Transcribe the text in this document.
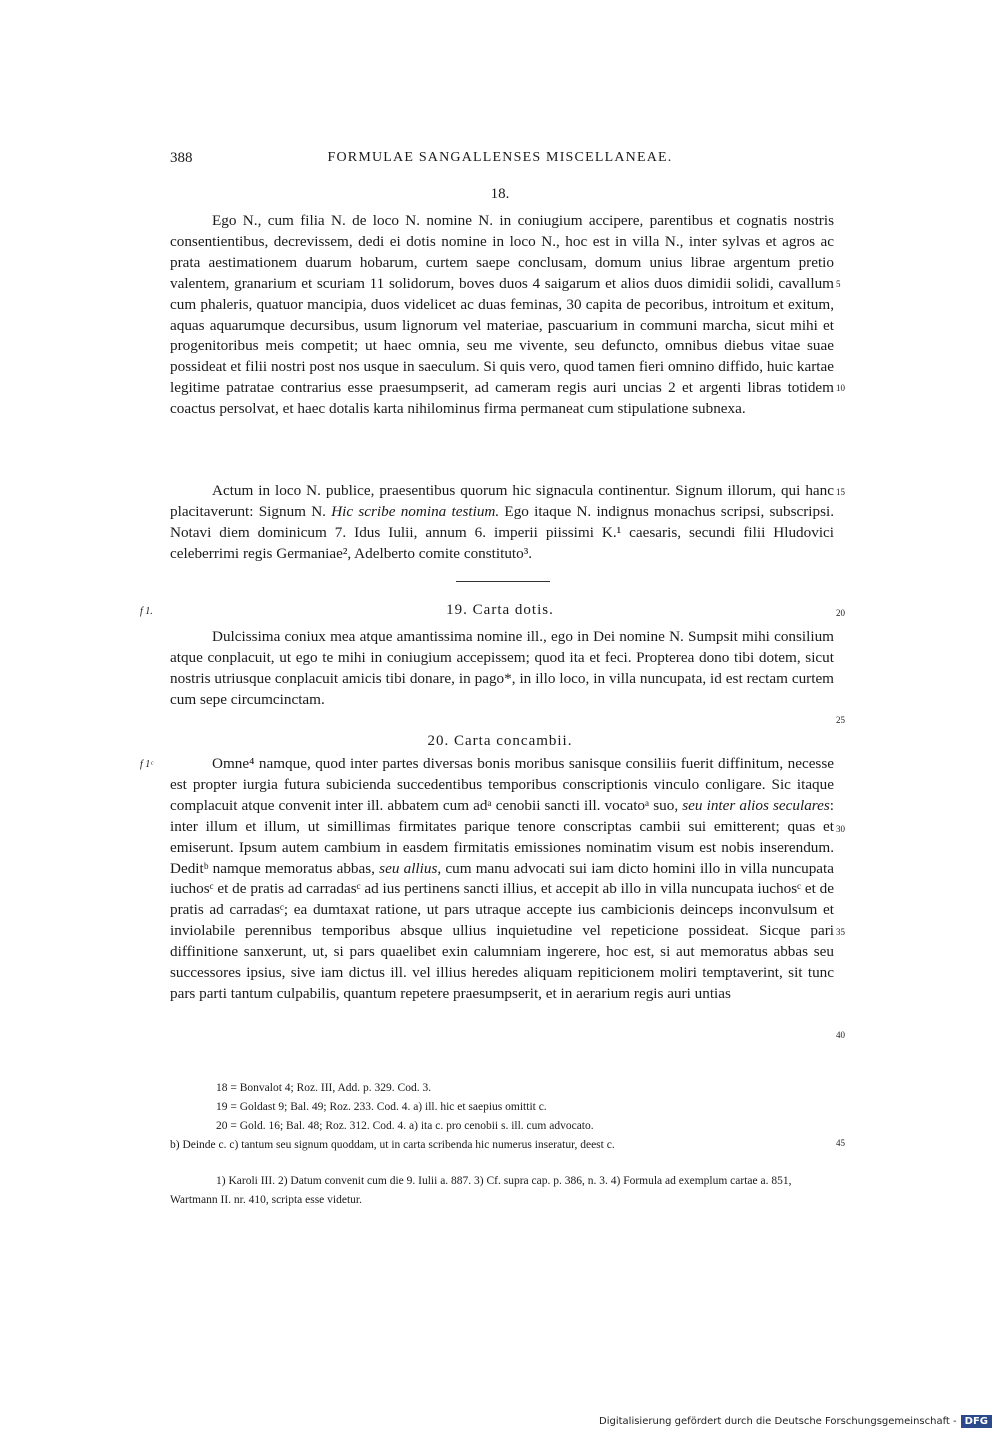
388	FORMULAE SANGALLENSES MISCELLANEAE.
18.

Ego N., cum filia N. de loco N. nomine N. in coniugium accipere, parentibus et cognatis nostris consentientibus, decrevissem, dedi ei dotis nomine in loco N., hoc est in villa N., inter sylvas et agros ac prata aestimationem duarum hobarum, curtem saepe conclusam, domum unius librae argentum pretio valentem, granarium et scuriam 11 solidorum, boves duos 4 saigarum et alios duos dimidii solidi, cavallum cum phaleris, quatuor mancipia, duos videlicet ac duas feminas, 30 capita de pecoribus, introitum et exitum, aquas aquarumque decursibus, usum lignorum vel materiae, pascuarium in communi marcha, sicut mihi et progenitoribus meis competit; ut haec omnia, seu me vivente, seu defuncto, omnibus diebus vitae suae possideat et filii nostri post nos usque in saeculum. Si quis vero, quod tamen fieri omnino diffido, huic kartae legitime patratae contrarius esse praesumpserit, ad cameram regis auri uncias 2 et argenti libras totidem coactus persolvat, et haec dotalis karta nihilominus firma permaneat cum stipulatione subnexa.

Actum in loco N. publice, praesentibus quorum hic signacula continentur. Signum illorum, qui hanc placitaverunt: Signum N. Hic scribe nomina testium. Ego itaque N. indignus monachus scripsi, subscripsi. Notavi diem dominicum 7. Idus Iulii, annum 6. imperii piissimi K.¹ caesaris, secundi filii Hludovici celeberrimi regis Germaniae², Adelberto comite constituto³.

f 1.	19. Carta dotis.

Dulcissima coniux mea atque amantissima nomine ill., ego in Dei nomine N. Sumpsit mihi consilium atque conplacuit, ut ego te mihi in coniugium accepissem; quod ita et feci. Propterea dono tibi dotem, sicut nostris utriusque conplacuit amicis tibi donare, in pago*, in illo loco, in villa nuncupata, id est rectam curtem cum sepe circumcinctam.

f 1ᶜ
20. Carta concambii.

Omne⁴ namque, quod inter partes diversas bonis moribus sanisque consiliis fuerit diffinitum, necesse est propter iurgia futura subicienda succedentibus temporibus conscriptionis vinculo conligare. Sic itaque complacuit atque convenit inter ill. abbatem cum adᵃ cenobii sancti ill. vocatoᵃ suo, seu inter alios seculares: inter illum et illum, ut simillimas firmitates parique tenore conscriptas cambii sui emitterent; quas et emiserunt. Ipsum autem cambium in easdem firmitatis emissiones nominatim visum est nobis inserendum. Deditᵇ namque memoratus abbas, seu allius, cum manu advocati sui iam dicto homini illo in villa nuncupata iuchosᶜ et de pratis ad carradasᶜ ad ius pertinens sancti illius, et accepit ab illo in villa nuncupata iuchosᶜ et de pratis ad carradasᶜ; ea dumtaxat ratione, ut pars utraque accepte ius cambicionis deinceps inconvulsum et inviolabile perennibus temporibus absque ullius inquietudine vel repeticione possideat. Sicque pari diffinitione sanxerunt, ut, si pars quaelibet exin calumniam ingerere, hoc est, si aut memoratus abbas seu successores ipsius, sive iam dictus ill. vel illius heredes aliquam repiticionem moliri temptaverint, sit tunc pars parti tantum culpabilis, quantum repetere praesumpserit, et in aerarium regis auri untias

5
10
15
20
25
30
35
40
45

18 = Bonvalot 4; Roz. III, Add. p. 329. Cod. 3.

19 = Goldast 9; Bal. 49; Roz. 233. Cod. 4. a) ill. hic et saepius omittit c.

20 = Gold. 16; Bal. 48; Roz. 312. Cod. 4. a) ita c. pro cenobii s. ill. cum advocato.

b) Deinde c. c) tantum seu signum quoddam, ut in carta scribenda hic numerus inseratur, deest c.

1) Karoli III. 2) Datum convenit cum die 9. Iulii a. 887. 3) Cf. supra cap. p. 386, n. 3. 4) Formula ad exemplum cartae a. 851, Wartmann II. nr. 410, scripta esse videtur.

Digitalisierung gefördert durch die Deutsche Forschungsgemeinschaft - DFG
